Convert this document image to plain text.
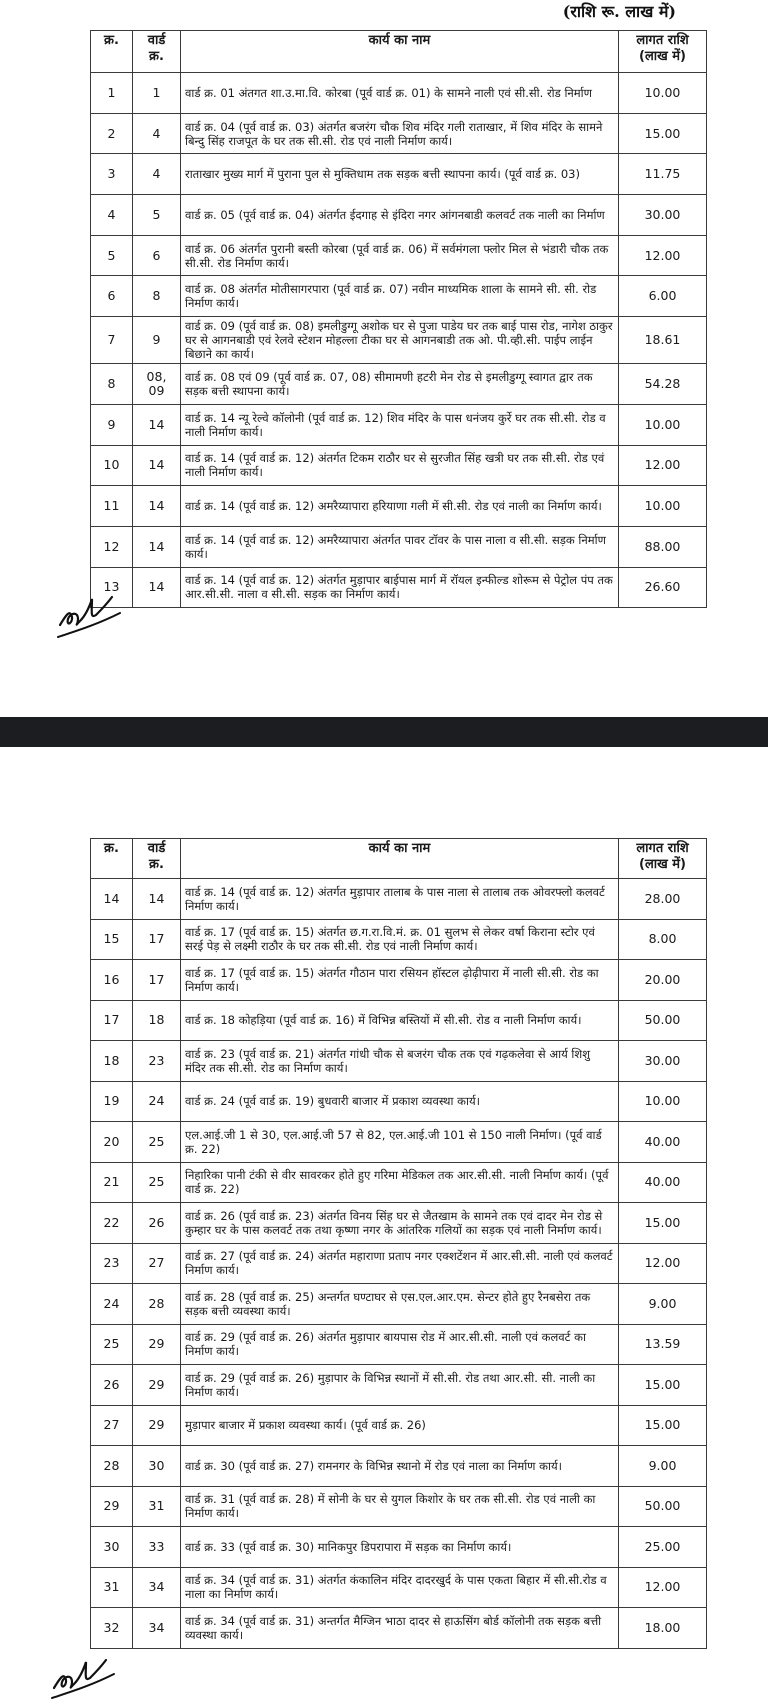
(राशि रू. लाख में)
क्र.	वार्ड
क्र.	कार्य का नाम	लागत राशि
(लाख में)
1	1	वार्ड क्र. 01 अंतगत शा.उ.मा.वि. कोरबा (पूर्व वार्ड क्र. 01) के सामने नाली एवं सी.सी. रोड निर्माण	10.00
2	4	वार्ड क्र. 04 (पूर्व वार्ड क्र. 03) अंतर्गत बजरंग चौक शिव मंदिर गली राताखार, में शिव मंदिर के सामने बिन्दु सिंह राजपूत के घर तक सी.सी. रोड एवं नाली निर्माण कार्य।	15.00
3	4	राताखार मुख्य मार्ग में पुराना पुल से मुक्तिधाम तक सड़क बत्ती स्थापना कार्य। (पूर्व वार्ड क्र. 03)	11.75
4	5	वार्ड क्र. 05 (पूर्व वार्ड क्र. 04) अंतर्गत ईदगाह से इंदिरा नगर आंगनबाडी कलवर्ट तक नाली का निर्माण	30.00
5	6	वार्ड क्र. 06 अंतर्गत पुरानी बस्ती कोरबा (पूर्व वार्ड क्र. 06) में सर्वमंगला फ्लोर मिल से भंडारी चौक तक सी.सी. रोड निर्माण कार्य।	12.00
6	8	वार्ड क्र. 08 अंतर्गत मोतीसागरपारा (पूर्व वार्ड क्र. 07) नवीन माध्यमिक शाला के सामने सी. सी. रोड निर्माण कार्य।	6.00
7	9	वार्ड क्र. 09 (पूर्व वार्ड क्र. 08) इमलीडुग्गू अशोक घर से पुजा पाडेय घर तक बाई पास रोड, नागेश ठाकुर घर से आगनबाडी एवं रेलवे स्टेशन मोहल्ला टीका घर से आगनबाडी तक ओ. पी.व्ही.सी. पाईप लाईन बिछाने का कार्य।	18.61
8	08, 09	वार्ड क्र. 08 एवं 09 (पूर्व वार्ड क्र. 07, 08) सीमामणी हटरी मेन रोड से इमलीडुग्गू स्वागत द्वार तक सड़क बत्ती स्थापना कार्य।	54.28
9	14	वार्ड क्र. 14 न्यू रेल्वे कॉलोनी (पूर्व वार्ड क्र. 12) शिव मंदिर के पास धनंजय कुर्रे घर तक सी.सी. रोड व नाली निर्माण कार्य।	10.00
10	14	वार्ड क्र. 14 (पूर्व वार्ड क्र. 12) अंतर्गत टिकम राठौर घर से सुरजीत सिंह खत्री घर तक सी.सी. रोड एवं नाली निर्माण कार्य।	12.00
11	14	वार्ड क्र. 14 (पूर्व वार्ड क्र. 12) अमरैय्यापारा हरियाणा गली में सी.सी. रोड एवं नाली का निर्माण कार्य।	10.00
12	14	वार्ड क्र. 14 (पूर्व वार्ड क्र. 12) अमरैय्यापारा अंतर्गत पावर टॉवर के पास नाला व सी.सी. सड़क निर्माण कार्य।	88.00
13	14	वार्ड क्र. 14 (पूर्व वार्ड क्र. 12) अंतर्गत मुड़ापार बाईपास मार्ग में रॉयल इन्फील्ड शोरूम से पेट्रोल पंप तक आर.सी.सी. नाला व सी.सी. सड़क का निर्माण कार्य।	26.60
क्र.	वार्ड
क्र.	कार्य का नाम	लागत राशि
(लाख में)
14	14	वार्ड क्र. 14 (पूर्व वार्ड क्र. 12) अंतर्गत मुड़ापार तालाब के पास नाला से तालाब तक ओवरफ्लो कलवर्ट निर्माण कार्य।	28.00
15	17	वार्ड क्र. 17 (पूर्व वार्ड क्र. 15) अंतर्गत छ.ग.रा.वि.मं. क्र. 01 सुलभ से लेकर वर्षा किराना स्टोर एवं सरई पेड़ से लक्ष्मी राठौर के घर तक सी.सी. रोड एवं नाली निर्माण कार्य।	8.00
16	17	वार्ड क्र. 17 (पूर्व वार्ड क्र. 15) अंतर्गत गौठान पारा रसियन हॉस्टल ढ़ोढ़ीपारा में नाली सी.सी. रोड का निर्माण कार्य।	20.00
17	18	वार्ड क्र. 18 कोहड़िया (पूर्व वार्ड क्र. 16) में विभिन्न बस्तियों में सी.सी. रोड व नाली निर्माण कार्य।	50.00
18	23	वार्ड क्र. 23 (पूर्व वार्ड क्र. 21) अंतर्गत गांधी चौक से बजरंग चौक तक एवं गढ़कलेवा से आर्य शिशु मंदिर तक सी.सी. रोड का निर्माण कार्य।	30.00
19	24	वार्ड क्र. 24 (पूर्व वार्ड क्र. 19) बुधवारी बाजार में प्रकाश व्यवस्था कार्य।	10.00
20	25	एल.आई.जी 1 से 30, एल.आई.जी 57 से 82, एल.आई.जी 101 से 150 नाली निर्माण। (पूर्व वार्ड क्र. 22)	40.00
21	25	निहारिका पानी टंकी से वीर सावरकर होते हुए गरिमा मेडिकल तक आर.सी.सी. नाली निर्माण कार्य। (पूर्व वार्ड क्र. 22)	40.00
22	26	वार्ड क्र. 26 (पूर्व वार्ड क्र. 23) अंतर्गत विनय सिंह घर से जैतखाम के सामने तक एवं दादर मेन रोड से कुम्हार घर के पास कलवर्ट तक तथा कृष्णा नगर के आंतरिक गलियों का सड़क एवं नाली निर्माण कार्य।	15.00
23	27	वार्ड क्र. 27 (पूर्व वार्ड क्र. 24) अंतर्गत महाराणा प्रताप नगर एक्शटेंशन में आर.सी.सी. नाली एवं कलवर्ट निर्माण कार्य।	12.00
24	28	वार्ड क्र. 28 (पूर्व वार्ड क्र. 25) अन्तर्गत घण्टाघर से एस.एल.आर.एम. सेन्टर होते हुए रैनबसेरा तक सड़क बत्ती व्यवस्था कार्य।	9.00
25	29	वार्ड क्र. 29 (पूर्व वार्ड क्र. 26) अंतर्गत मुड़ापार बायपास रोड में आर.सी.सी. नाली एवं कलवर्ट का निर्माण कार्य।	13.59
26	29	वार्ड क्र. 29 (पूर्व वार्ड क्र. 26) मुड़ापार के विभिन्न स्थानों में सी.सी. रोड तथा आर.सी. सी. नाली का निर्माण कार्य।	15.00
27	29	मुड़ापार बाजार में प्रकाश व्यवस्था कार्य। (पूर्व वार्ड क्र. 26)	15.00
28	30	वार्ड क्र. 30 (पूर्व वार्ड क्र. 27) रामनगर के विभिन्न स्थानो में रोड एवं नाला का निर्माण कार्य।	9.00
29	31	वार्ड क्र. 31 (पूर्व वार्ड क्र. 28) में सोनी के घर से युगल किशोर के घर तक सी.सी. रोड एवं नाली का निर्माण कार्य।	50.00
30	33	वार्ड क्र. 33 (पूर्व वार्ड क्र. 30) मानिकपुर डिपरापारा में सड़क का निर्माण कार्य।	25.00
31	34	वार्ड क्र. 34 (पूर्व वार्ड क्र. 31) अंतर्गत कंकालिन मंदिर दादरखुर्द के पास एकता बिहार में सी.सी.रोड व नाला का निर्माण कार्य।	12.00
32	34	वार्ड क्र. 34 (पूर्व वार्ड क्र. 31) अन्तर्गत मैग्जिन भाठा दादर से हाऊसिंग बोर्ड कॉलोनी तक सड़क बत्ती व्यवस्था कार्य।	18.00
